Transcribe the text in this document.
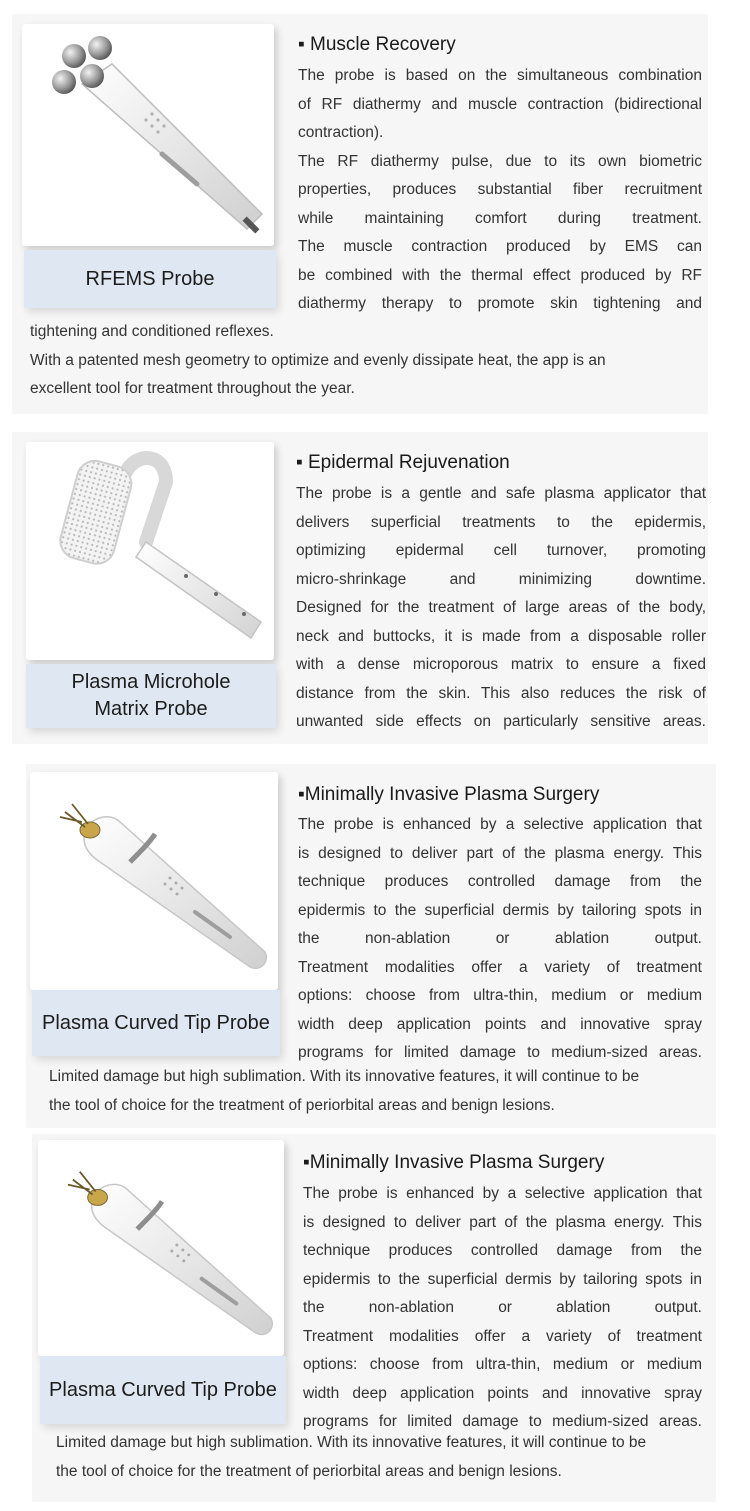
RFEMS Probe
▪ Muscle Recovery

The probe is based on the simultaneous combination

of RF diathermy and muscle contraction (bidirectional

contraction).

The RF diathermy pulse, due to its own biometric

properties, produces substantial fiber recruitment

while maintaining comfort during treatment.

The muscle contraction produced by EMS can

be combined with the thermal effect produced by RF

diathermy therapy to promote skin tightening and

tightening and conditioned reflexes.

With a patented mesh geometry to optimize and evenly dissipate heat, the app is an

excellent tool for treatment throughout the year.

Plasma Microhole Matrix Probe
▪ Epidermal Rejuvenation

The probe is a gentle and safe plasma applicator that

delivers superficial treatments to the epidermis,

optimizing epidermal cell turnover, promoting

micro-shrinkage and minimizing downtime.

Designed for the treatment of large areas of the body,

neck and buttocks, it is made from a disposable roller

with a dense microporous matrix to ensure a fixed

distance from the skin. This also reduces the risk of

unwanted side effects on particularly sensitive areas.

Plasma Curved Tip Probe
▪Minimally Invasive Plasma Surgery

The probe is enhanced by a selective application that

is designed to deliver part of the plasma energy. This

technique produces controlled damage from the

epidermis to the superficial dermis by tailoring spots in

the non-ablation or ablation output.

Treatment modalities offer a variety of treatment

options: choose from ultra-thin, medium or medium

width deep application points and innovative spray

programs for limited damage to medium-sized areas.

Limited damage but high sublimation. With its innovative features, it will continue to be

the tool of choice for the treatment of periorbital areas and benign lesions.

Plasma Curved Tip Probe
▪Minimally Invasive Plasma Surgery

The probe is enhanced by a selective application that

is designed to deliver part of the plasma energy. This

technique produces controlled damage from the

epidermis to the superficial dermis by tailoring spots in

the non-ablation or ablation output.

Treatment modalities offer a variety of treatment

options: choose from ultra-thin, medium or medium

width deep application points and innovative spray

programs for limited damage to medium-sized areas.

Limited damage but high sublimation. With its innovative features, it will continue to be

the tool of choice for the treatment of periorbital areas and benign lesions.
